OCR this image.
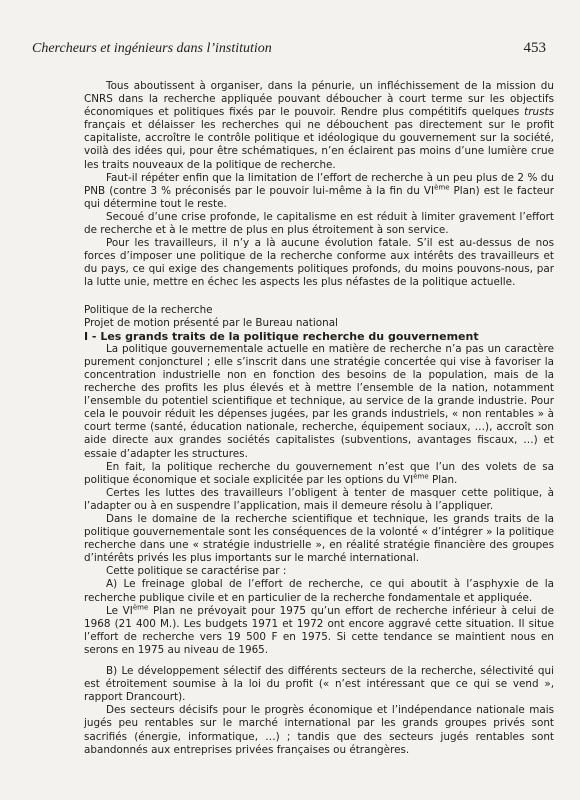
Chercheurs et ingénieurs dans l’institution	453

Tous aboutissent à organiser, dans la pénurie, un infléchissement de la mission du CNRS dans la recherche appliquée pouvant déboucher à court terme sur les objectifs économiques et politiques fixés par le pouvoir. Rendre plus compétitifs quelques trusts français et délaisser les recherches qui ne débouchent pas directement sur le profit capitaliste, accroître le contrôle politique et idéologique du gouvernement sur la société, voilà des idées qui, pour être schématiques, n’en éclairent pas moins d’une lumière crue les traits nouveaux de la politique de recherche.

Faut-il répéter enfin que la limitation de l’effort de recherche à un peu plus de 2 % du PNB (contre 3 % préconisés par le pouvoir lui-même à la fin du VIème Plan) est le facteur qui détermine tout le reste.

Secoué d’une crise profonde, le capitalisme en est réduit à limiter gravement l’effort de recherche et à le mettre de plus en plus étroitement à son service.

Pour les travailleurs, il n’y a là aucune évolution fatale. S’il est au-dessus de nos forces d’imposer une politique de la recherche conforme aux intérêts des travailleurs et du pays, ce qui exige des changements politiques profonds, du moins pouvons-nous, par la lutte unie, mettre en échec les aspects les plus néfastes de la politique actuelle.

Politique de la recherche

Projet de motion présenté par le Bureau national

I - Les grands traits de la politique recherche du gouvernement

La politique gouvernementale actuelle en matière de recherche n’a pas un caractère purement conjoncturel ; elle s’inscrit dans une stratégie concertée qui vise à favoriser la concentration industrielle non en fonction des besoins de la population, mais de la recherche des profits les plus élevés et à mettre l’ensemble de la nation, notamment l’ensemble du potentiel scientifique et technique, au service de la grande industrie. Pour cela le pouvoir réduit les dépenses jugées, par les grands industriels, « non rentables » à court terme (santé, éducation nationale, recherche, équipement sociaux, …), accroît son aide directe aux grandes sociétés capitalistes (subventions, avantages fiscaux, …) et essaie d’adapter les structures.

En fait, la politique recherche du gouvernement n’est que l’un des volets de sa politique économique et sociale explicitée par les options du VIème Plan.

Certes les luttes des travailleurs l’obligent à tenter de masquer cette politique, à l’adapter ou à en suspendre l’application, mais il demeure résolu à l’appliquer.

Dans le domaine de la recherche scientifique et technique, les grands traits de la politique gouvernementale sont les conséquences de la volonté « d’intégrer » la politique recherche dans une « stratégie industrielle », en réalité stratégie financière des groupes d’intérêts privés les plus importants sur le marché international.

Cette politique se caractérise par :

A) Le freinage global de l’effort de recherche, ce qui aboutit à l’asphyxie de la recherche publique civile et en particulier de la recherche fondamentale et appliquée.

Le VIème Plan ne prévoyait pour 1975 qu’un effort de recherche inférieur à celui de 1968 (21 400 M.). Les budgets 1971 et 1972 ont encore aggravé cette situation. Il situe l’effort de recherche vers 19 500 F en 1975. Si cette tendance se maintient nous en serons en 1975 au niveau de 1965.

B) Le développement sélectif des différents secteurs de la recherche, sélectivité qui est étroitement soumise à la loi du profit (« n’est intéressant que ce qui se vend », rapport Drancourt).

Des secteurs décisifs pour le progrès économique et l’indépendance nationale mais jugés peu rentables sur le marché international par les grands groupes privés sont sacrifiés (énergie, informatique, …) ; tandis que des secteurs jugés rentables sont abandonnés aux entreprises privées françaises ou étrangères.
